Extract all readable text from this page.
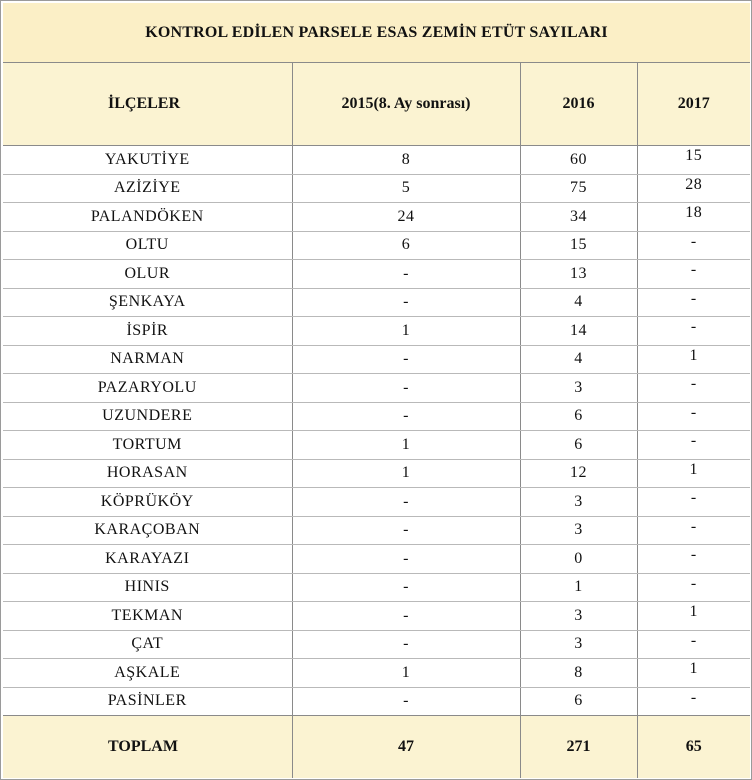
KONTROL EDİLEN PARSELE ESAS ZEMİN ETÜT SAYILARI
İLÇELER	2015(8. Ay sonrası)	2016	2017
YAKUTİYE	8	60	15
AZİZİYE	5	75	28
PALANDÖKEN	24	34	18
OLTU	6	15	-
OLUR	-	13	-
ŞENKAYA	-	4	-
İSPİR	1	14	-
NARMAN	-	4	1
PAZARYOLU	-	3	-
UZUNDERE	-	6	-
TORTUM	1	6	-
HORASAN	1	12	1
KÖPRÜKÖY	-	3	-
KARAÇOBAN	-	3	-
KARAYAZI	-	0	-
HINIS	-	1	-
TEKMAN	-	3	1
ÇAT	-	3	-
AŞKALE	1	8	1
PASİNLER	-	6	-
TOPLAM	47	271	65
